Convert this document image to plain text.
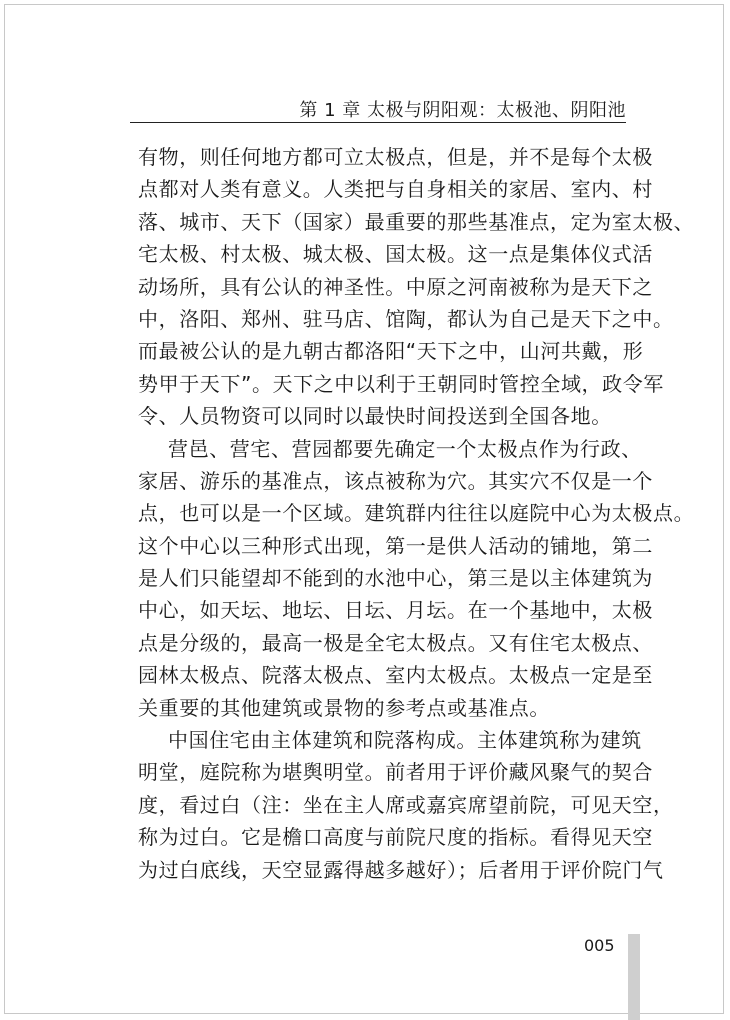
第 1 章 太极与阴阳观：太极池、阴阳池
有物，则任何地方都可立太极点，但是，并不是每个太极
点都对人类有意义。人类把与自身相关的家居、室内、村
落、城市、天下（国家）最重要的那些基准点，定为室太极、
宅太极、村太极、城太极、国太极。这一点是集体仪式活
动场所，具有公认的神圣性。中原之河南被称为是天下之
中，洛阳、郑州、驻马店、馆陶，都认为自己是天下之中。
而最被公认的是九朝古都洛阳“天下之中，山河共戴，形
势甲于天下”。天下之中以利于王朝同时管控全域，政令军
令、人员物资可以同时以最快时间投送到全国各地。
营邑、营宅、营园都要先确定一个太极点作为行政、
家居、游乐的基准点，该点被称为穴。其实穴不仅是一个
点，也可以是一个区域。建筑群内往往以庭院中心为太极点。
这个中心以三种形式出现，第一是供人活动的铺地，第二
是人们只能望却不能到的水池中心，第三是以主体建筑为
中心，如天坛、地坛、日坛、月坛。在一个基地中，太极
点是分级的，最高一极是全宅太极点。又有住宅太极点、
园林太极点、院落太极点、室内太极点。太极点一定是至
关重要的其他建筑或景物的参考点或基准点。
中国住宅由主体建筑和院落构成。主体建筑称为建筑
明堂，庭院称为堪舆明堂。前者用于评价藏风聚气的契合
度，看过白（注：坐在主人席或嘉宾席望前院，可见天空，
称为过白。它是檐口高度与前院尺度的指标。看得见天空
为过白底线，天空显露得越多越好）；后者用于评价院门气
005
